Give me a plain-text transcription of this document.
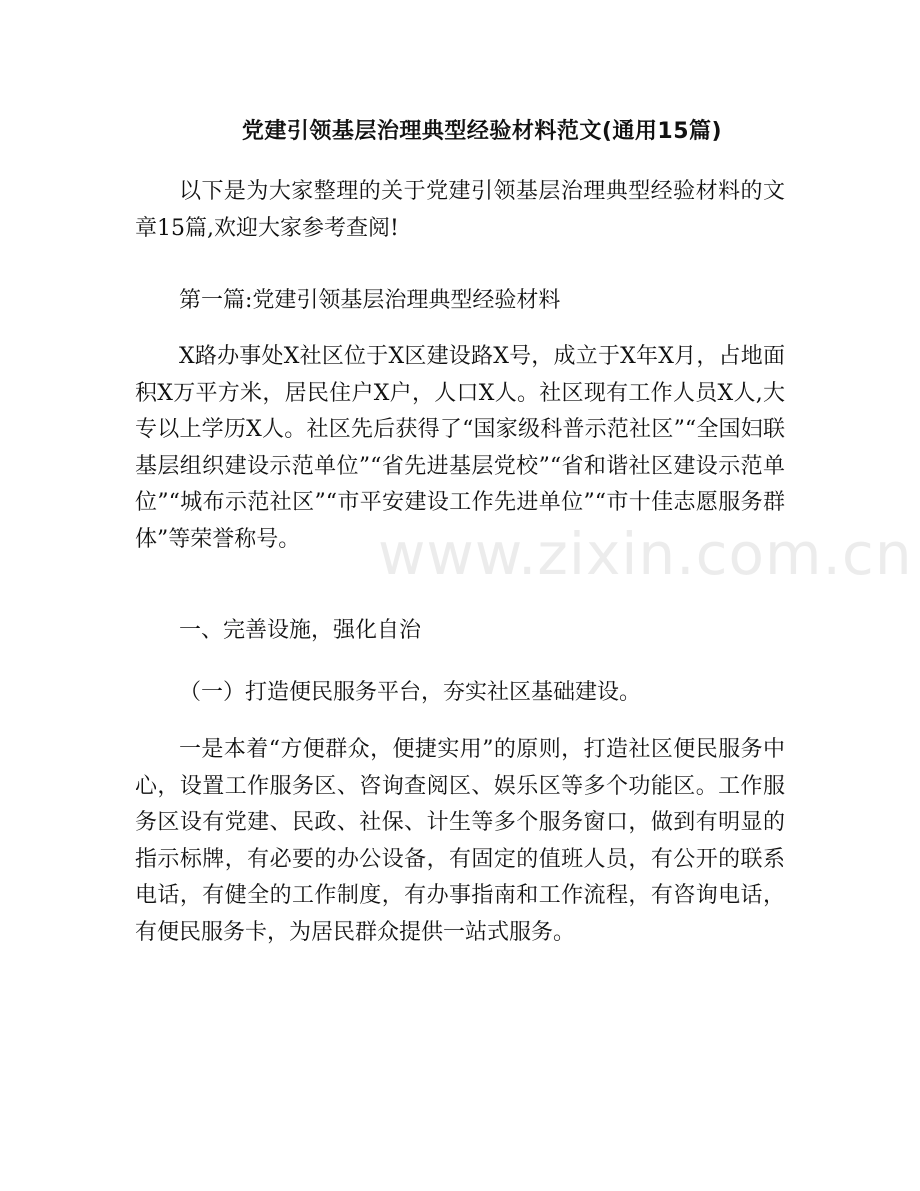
党建引领基层治理典型经验材料范文(通用15篇)

以下是为大家整理的关于党建引领基层治理典型经验材料的文章15篇,欢迎大家参考查阅!

第一篇:党建引领基层治理典型经验材料

X路办事处X社区位于X区建设路X号，成立于X年X月，占地面积X万平方米，居民住户X户，人口X人。社区现有工作人员X人,大专以上学历X人。社区先后获得了“国家级科普示范社区”“全国妇联基层组织建设示范单位”“省先进基层党校”“省和谐社区建设示范单位”“城布示范社区”“市平安建设工作先进单位”“市十佳志愿服务群体”等荣誉称号。

一、完善设施，强化自治

（一）打造便民服务平台，夯实社区基础建设。

一是本着“方便群众，便捷实用”的原则，打造社区便民服务中心，设置工作服务区、咨询查阅区、娱乐区等多个功能区。工作服务区设有党建、民政、社保、计生等多个服务窗口，做到有明显的指示标牌，有必要的办公设备，有固定的值班人员，有公开的联系电话，有健全的工作制度，有办事指南和工作流程，有咨询电话，有便民服务卡，为居民群众提供一站式服务。

www.zixin.com.cn
